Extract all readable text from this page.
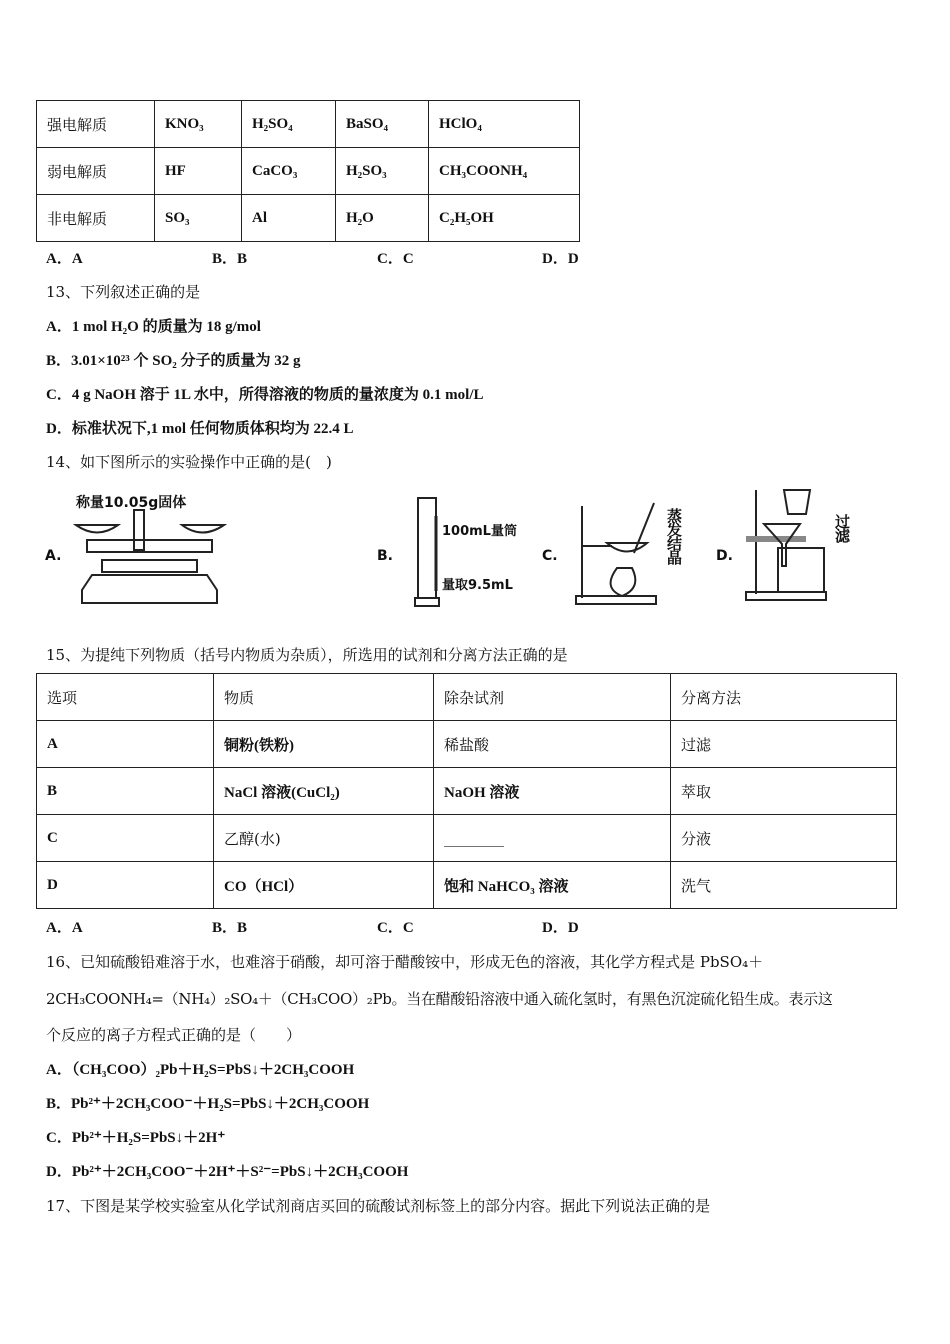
强电解质	KNO₃	H₂SO₄	BaSO₄	HClO₄
弱电解质	HF	CaCO₃	H₂SO₃	CH₃COONH₄
非电解质	SO₃	Al	H₂O	C₂H₅OH
A．A	B．B	C．C	D．D
13、下列叙述正确的是
A．1 mol H₂O 的质量为 18 g/mol
B．3.01×10²³ 个 SO₂ 分子的质量为 32 g
C．4 g NaOH 溶于 1L 水中，所得溶液的物质的量浓度为 0.1 mol/L
D．标准状况下,1 mol 任何物质体积均为 22.4 L
14、如下图所示的实验操作中正确的是(　)
A.
称量10.05g固体
B.
100mL量筒
量取9.5mL
C.	蒸发结晶 D.
过滤
15、为提纯下列物质（括号内物质为杂质），所选用的试剂和分离方法正确的是
选项	物质	除杂试剂	分离方法
A	铜粉(铁粉)	稀盐酸	过滤
B	NaCl 溶液(CuCl₂)	NaOH 溶液	萃取
C	乙醇(水)	________	分液
D	CO（HCl）	饱和 NaHCO₃ 溶液	洗气
A．A	B．B	C．C	D．D
16、已知硫酸铅难溶于水，也难溶于硝酸，却可溶于醋酸铵中，形成无色的溶液，其化学方程式是 PbSO₄＋
2CH₃COONH₄=（NH₄）₂SO₄＋（CH₃COO）₂Pb。当在醋酸铅溶液中通入硫化氢时，有黑色沉淀硫化铅生成。表示这
个反应的离子方程式正确的是（　　）
A．（CH₃COO）₂Pb＋H₂S=PbS↓＋2CH₃COOH
B．Pb²⁺＋2CH₃COO⁻＋H₂S=PbS↓＋2CH₃COOH
C．Pb²⁺＋H₂S=PbS↓＋2H⁺
D．Pb²⁺＋2CH₃COO⁻＋2H⁺＋S²⁻=PbS↓＋2CH₃COOH
17、下图是某学校实验室从化学试剂商店买回的硫酸试剂标签上的部分内容。据此下列说法正确的是
